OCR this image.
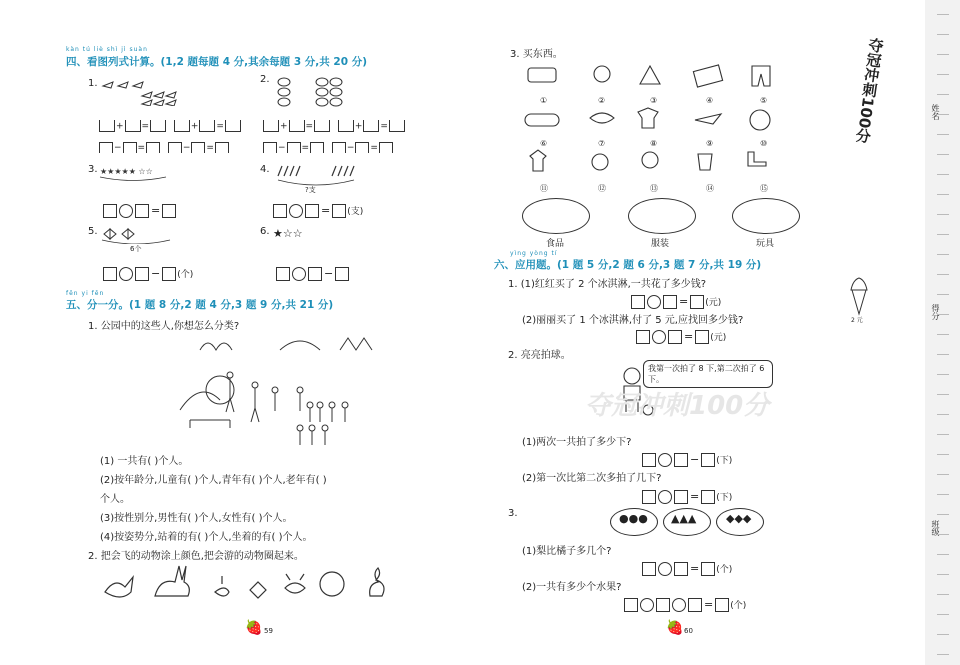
kàn tú liè shì jì suàn
四、看图列式计算。(1,2 题每题 4 分,其余每题 3 分,共 20 分)
1.
+ =	+ =
− =	− =
2.
+ =	+ =
− =	− =
3. ★★★★★ ☆☆
=
4.
?支
= (支)
5.
6个
− (个)
6. ★☆☆
−
fēn yi fēn
五、分一分。(1 题 8 分,2 题 4 分,3 题 9 分,共 21 分)
1. 公园中的这些人,你想怎么分类?
(1) 一共有( )个人。
(2)按年龄分,儿童有( )个人,青年有( )个人,老年有( )
个人。
(3)按性别分,男性有( )个人,女性有( )个人。
(4)按姿势分,站着的有( )个人,坐着的有( )个人。
2. 把会飞的动物涂上颜色,把会游的动物圈起来。
🍓 59
3. 买东西。
①	②	③	④	⑤
⑥	⑦	⑧	⑨	⑩
⑪	⑫	⑬	⑭	⑮
食品	服装	玩具
yìng yòng tí
六、应用题。(1 题 5 分,2 题 6 分,3 题 7 分,共 19 分)
1. (1)红红买了 2 个冰淇淋,一共花了多少钱?
= (元)
(2)丽丽买了 1 个冰淇淋,付了 5 元,应找回多少钱?
= (元)
2 元
2. 亮亮拍球。
我第一次拍了 8 下,第二次拍了 6 下。
夺冠冲刺100分
(1)两次一共拍了多少下?
− (下)
(2)第一次比第二次多拍了几下?
= (下)
3.	●●● ▲▲▲	◆◆◆
(1)梨比橘子多几个?
= (个)
(2)一共有多少个水果?
= (个)
🍓 60
夺冠冲刺100分	姓名
得分
班级
